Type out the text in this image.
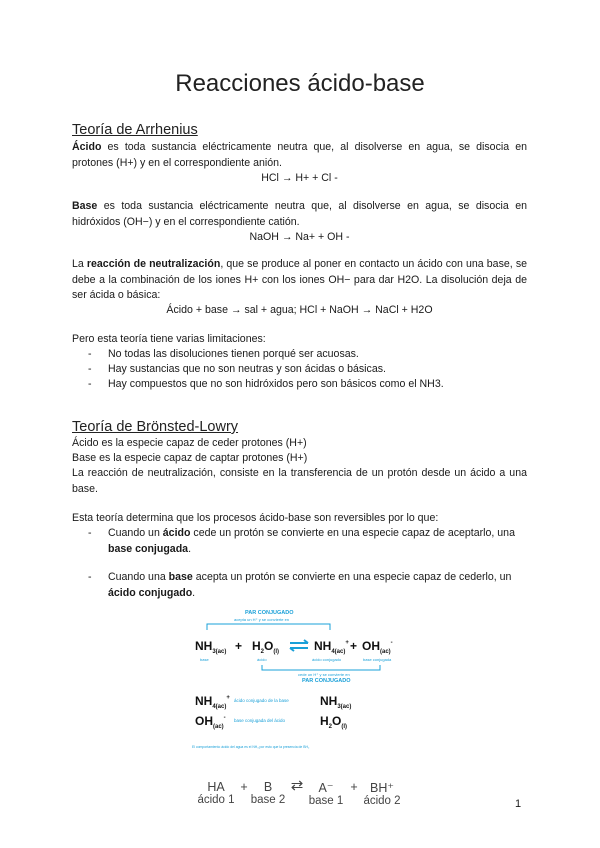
Reacciones ácido-base
Teoría de Arrhenius

Ácido es toda sustancia eléctricamente neutra que, al disolverse en agua, se disocia en protones (H+) y en el correspondiente anión.

HCl → H+ + Cl -

Base es toda sustancia eléctricamente neutra que, al disolverse en agua, se disocia en hidróxidos (OH−) y en el correspondiente catión.

NaOH → Na+ + OH -

La reacción de neutralización, que se produce al poner en contacto un ácido con una base, se debe a la combinación de los iones H+ con los iones OH− para dar H2O. La disolución deja de ser ácida o básica:

Ácido + base → sal + agua; HCl + NaOH → NaCl + H2O

Pero esta teoría tiene varias limitaciones:

- No todas las disoluciones tienen porqué ser acuosas.
- Hay sustancias que no son neutras y son ácidas o básicas.
- Hay compuestos que no son hidróxidos pero son básicos como el NH3.
Teoría de Brönsted-Lowry

Ácido es la especie capaz de ceder protones (H+)

Base es la especie capaz de captar protones (H+)

La reacción de neutralización, consiste en la transferencia de un protón desde un ácido a una base.

Esta teoría determina que los procesos ácido-base son reversibles por lo que:

- Cuando un ácido cede un protón se convierte en una especie capaz de aceptarlo, una base conjugada.
- Cuando una base acepta un protón se convierte en una especie capaz de cederlo, un ácido conjugado.
PAR CONJUGADO
acepta un H⁺ y se convierte en
$NH_{3(ac)} + H_2O_{(l)}$	$NH_{4(ac)}^+ + OH_{(ac)}^-$
base	ácido	ácido conjugado	base conjugada
cede un H⁺ y se convierte en
PAR CONJUGADO
$NH_{4(ac)}^+$ ácido conjugado de la base	$NH_{3(ac)}$
$OH_{(ac)}^-$ base conjugada del ácido	$H_2O_{(l)}$
El comportamiento ácido del agua es el NH₃ por esto que la presencia de BH₂
HA
ácido 1
+	B
base 2
⇄	A⁻
base 1
+ BH⁺
ácido 2	1
